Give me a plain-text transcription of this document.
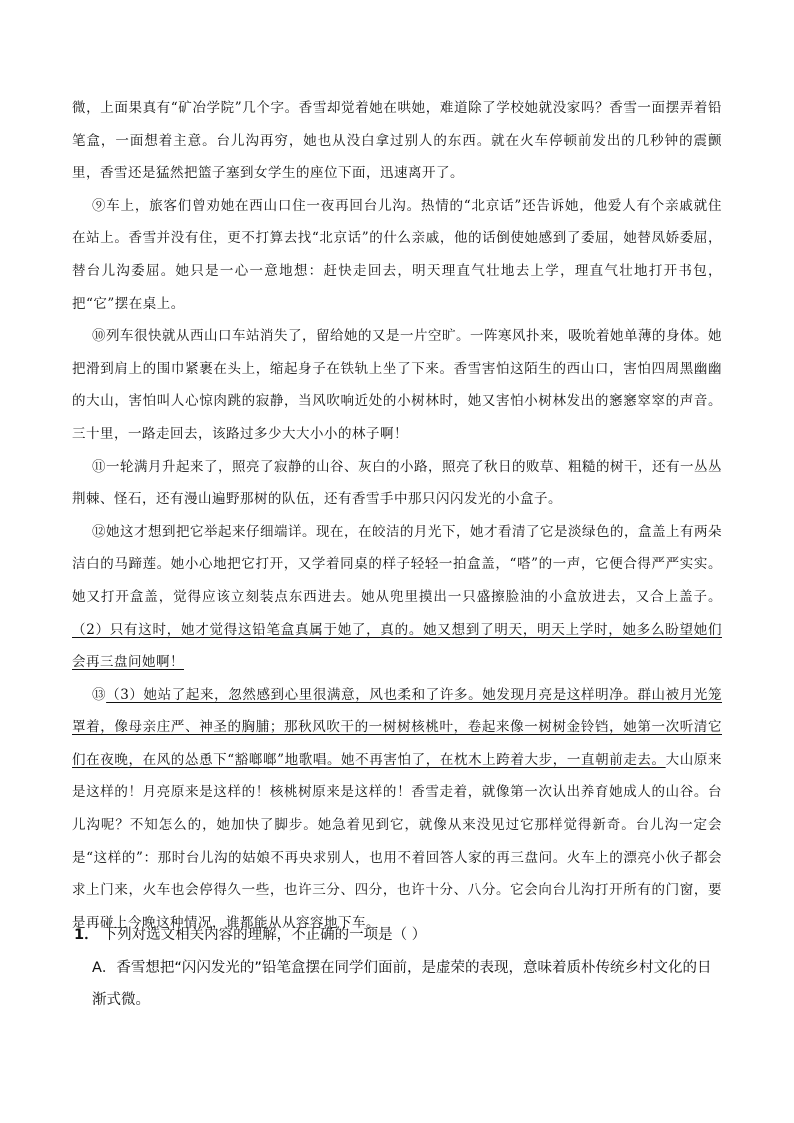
微，上面果真有“矿冶学院”几个字。香雪却觉着她在哄她，难道除了学校她就没家吗？香雪一面摆弄着铅笔盒，一面想着主意。台儿沟再穷，她也从没白拿过别人的东西。就在火车停顿前发出的几秒钟的震颤里，香雪还是猛然把篮子塞到女学生的座位下面，迅速离开了。

⑨车上，旅客们曾劝她在西山口住一夜再回台儿沟。热情的“北京话”还告诉她，他爱人有个亲戚就住在站上。香雪并没有住，更不打算去找“北京话”的什么亲戚，他的话倒使她感到了委屈，她替凤娇委屈，替台儿沟委屈。她只是一心一意地想：赶快走回去，明天理直气壮地去上学，理直气壮地打开书包，把“它”摆在桌上。

⑩列车很快就从西山口车站消失了，留给她的又是一片空旷。一阵寒风扑来，吸吮着她单薄的身体。她把滑到肩上的围巾紧裹在头上，缩起身子在铁轨上坐了下来。香雪害怕这陌生的西山口，害怕四周黑幽幽的大山，害怕叫人心惊肉跳的寂静，当风吹响近处的小树林时，她又害怕小树林发出的窸窸窣窣的声音。三十里，一路走回去，该路过多少大大小小的林子啊！

⑪一轮满月升起来了，照亮了寂静的山谷、灰白的小路，照亮了秋日的败草、粗糙的树干，还有一丛丛荆棘、怪石，还有漫山遍野那树的队伍，还有香雪手中那只闪闪发光的小盒子。

⑫她这才想到把它举起来仔细端详。现在，在皎洁的月光下，她才看清了它是淡绿色的，盒盖上有两朵洁白的马蹄莲。她小心地把它打开，又学着同桌的样子轻轻一拍盒盖，“嗒”的一声，它便合得严严实实。她又打开盒盖，觉得应该立刻装点东西进去。她从兜里摸出一只盛擦脸油的小盒放进去，又合上盖子。（2）只有这时，她才觉得这铅笔盒真属于她了，真的。她又想到了明天，明天上学时，她多么盼望她们会再三盘问她啊！

⑬（3）她站了起来，忽然感到心里很满意，风也柔和了许多。她发现月亮是这样明净。群山被月光笼罩着，像母亲庄严、神圣的胸脯；那秋风吹干的一树树核桃叶，卷起来像一树树金铃铛，她第一次听清它们在夜晚，在风的怂恿下“豁啷啷”地歌唱。她不再害怕了，在枕木上跨着大步，一直朝前走去。大山原来是这样的！月亮原来是这样的！核桃树原来是这样的！香雪走着，就像第一次认出养育她成人的山谷。台儿沟呢？不知怎么的，她加快了脚步。她急着见到它，就像从来没见过它那样觉得新奇。台儿沟一定会是“这样的”：那时台儿沟的姑娘不再央求别人，也用不着回答人家的再三盘问。火车上的漂亮小伙子都会求上门来，火车也会停得久一些，也许三分、四分，也许十分、八分。它会向台儿沟打开所有的门窗，要是再碰上今晚这种情况，谁都能从从容容地下车。

1． 下列对选文相关内容的理解，不正确的一项是（ ）

A．香雪想把“闪闪发光的”铅笔盒摆在同学们面前，是虚荣的表现，意味着质朴传统乡村文化的日渐式微。
